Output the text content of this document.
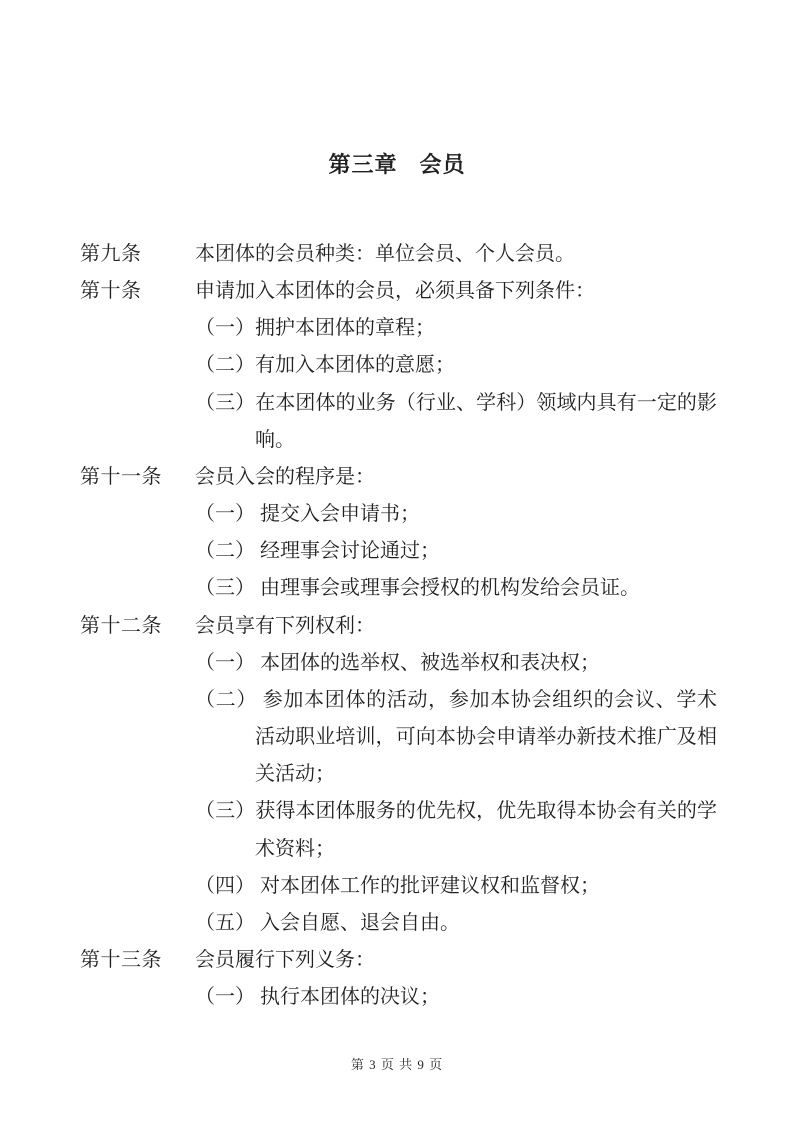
第三章 会员
第九条	本团体的会员种类：单位会员、个人会员。
第十条	申请加入本团体的会员，必须具备下列条件：
（一）拥护本团体的章程；
（二）有加入本团体的意愿；
（三）在本团体的业务（行业、学科）领域内具有一定的影响。
第十一条	会员入会的程序是：
（一） 提交入会申请书；
（二） 经理事会讨论通过；
（三） 由理事会或理事会授权的机构发给会员证。
第十二条	会员享有下列权利：
（一） 本团体的选举权、被选举权和表决权；
（二） 参加本团体的活动，参加本协会组织的会议、学术活动职业培训，可向本协会申请举办新技术推广及相关活动；
（三）获得本团体服务的优先权，优先取得本协会有关的学术资料；
（四） 对本团体工作的批评建议权和监督权；
（五） 入会自愿、退会自由。
第十三条	会员履行下列义务：
（一） 执行本团体的决议；
第 3 页 共 9 页
